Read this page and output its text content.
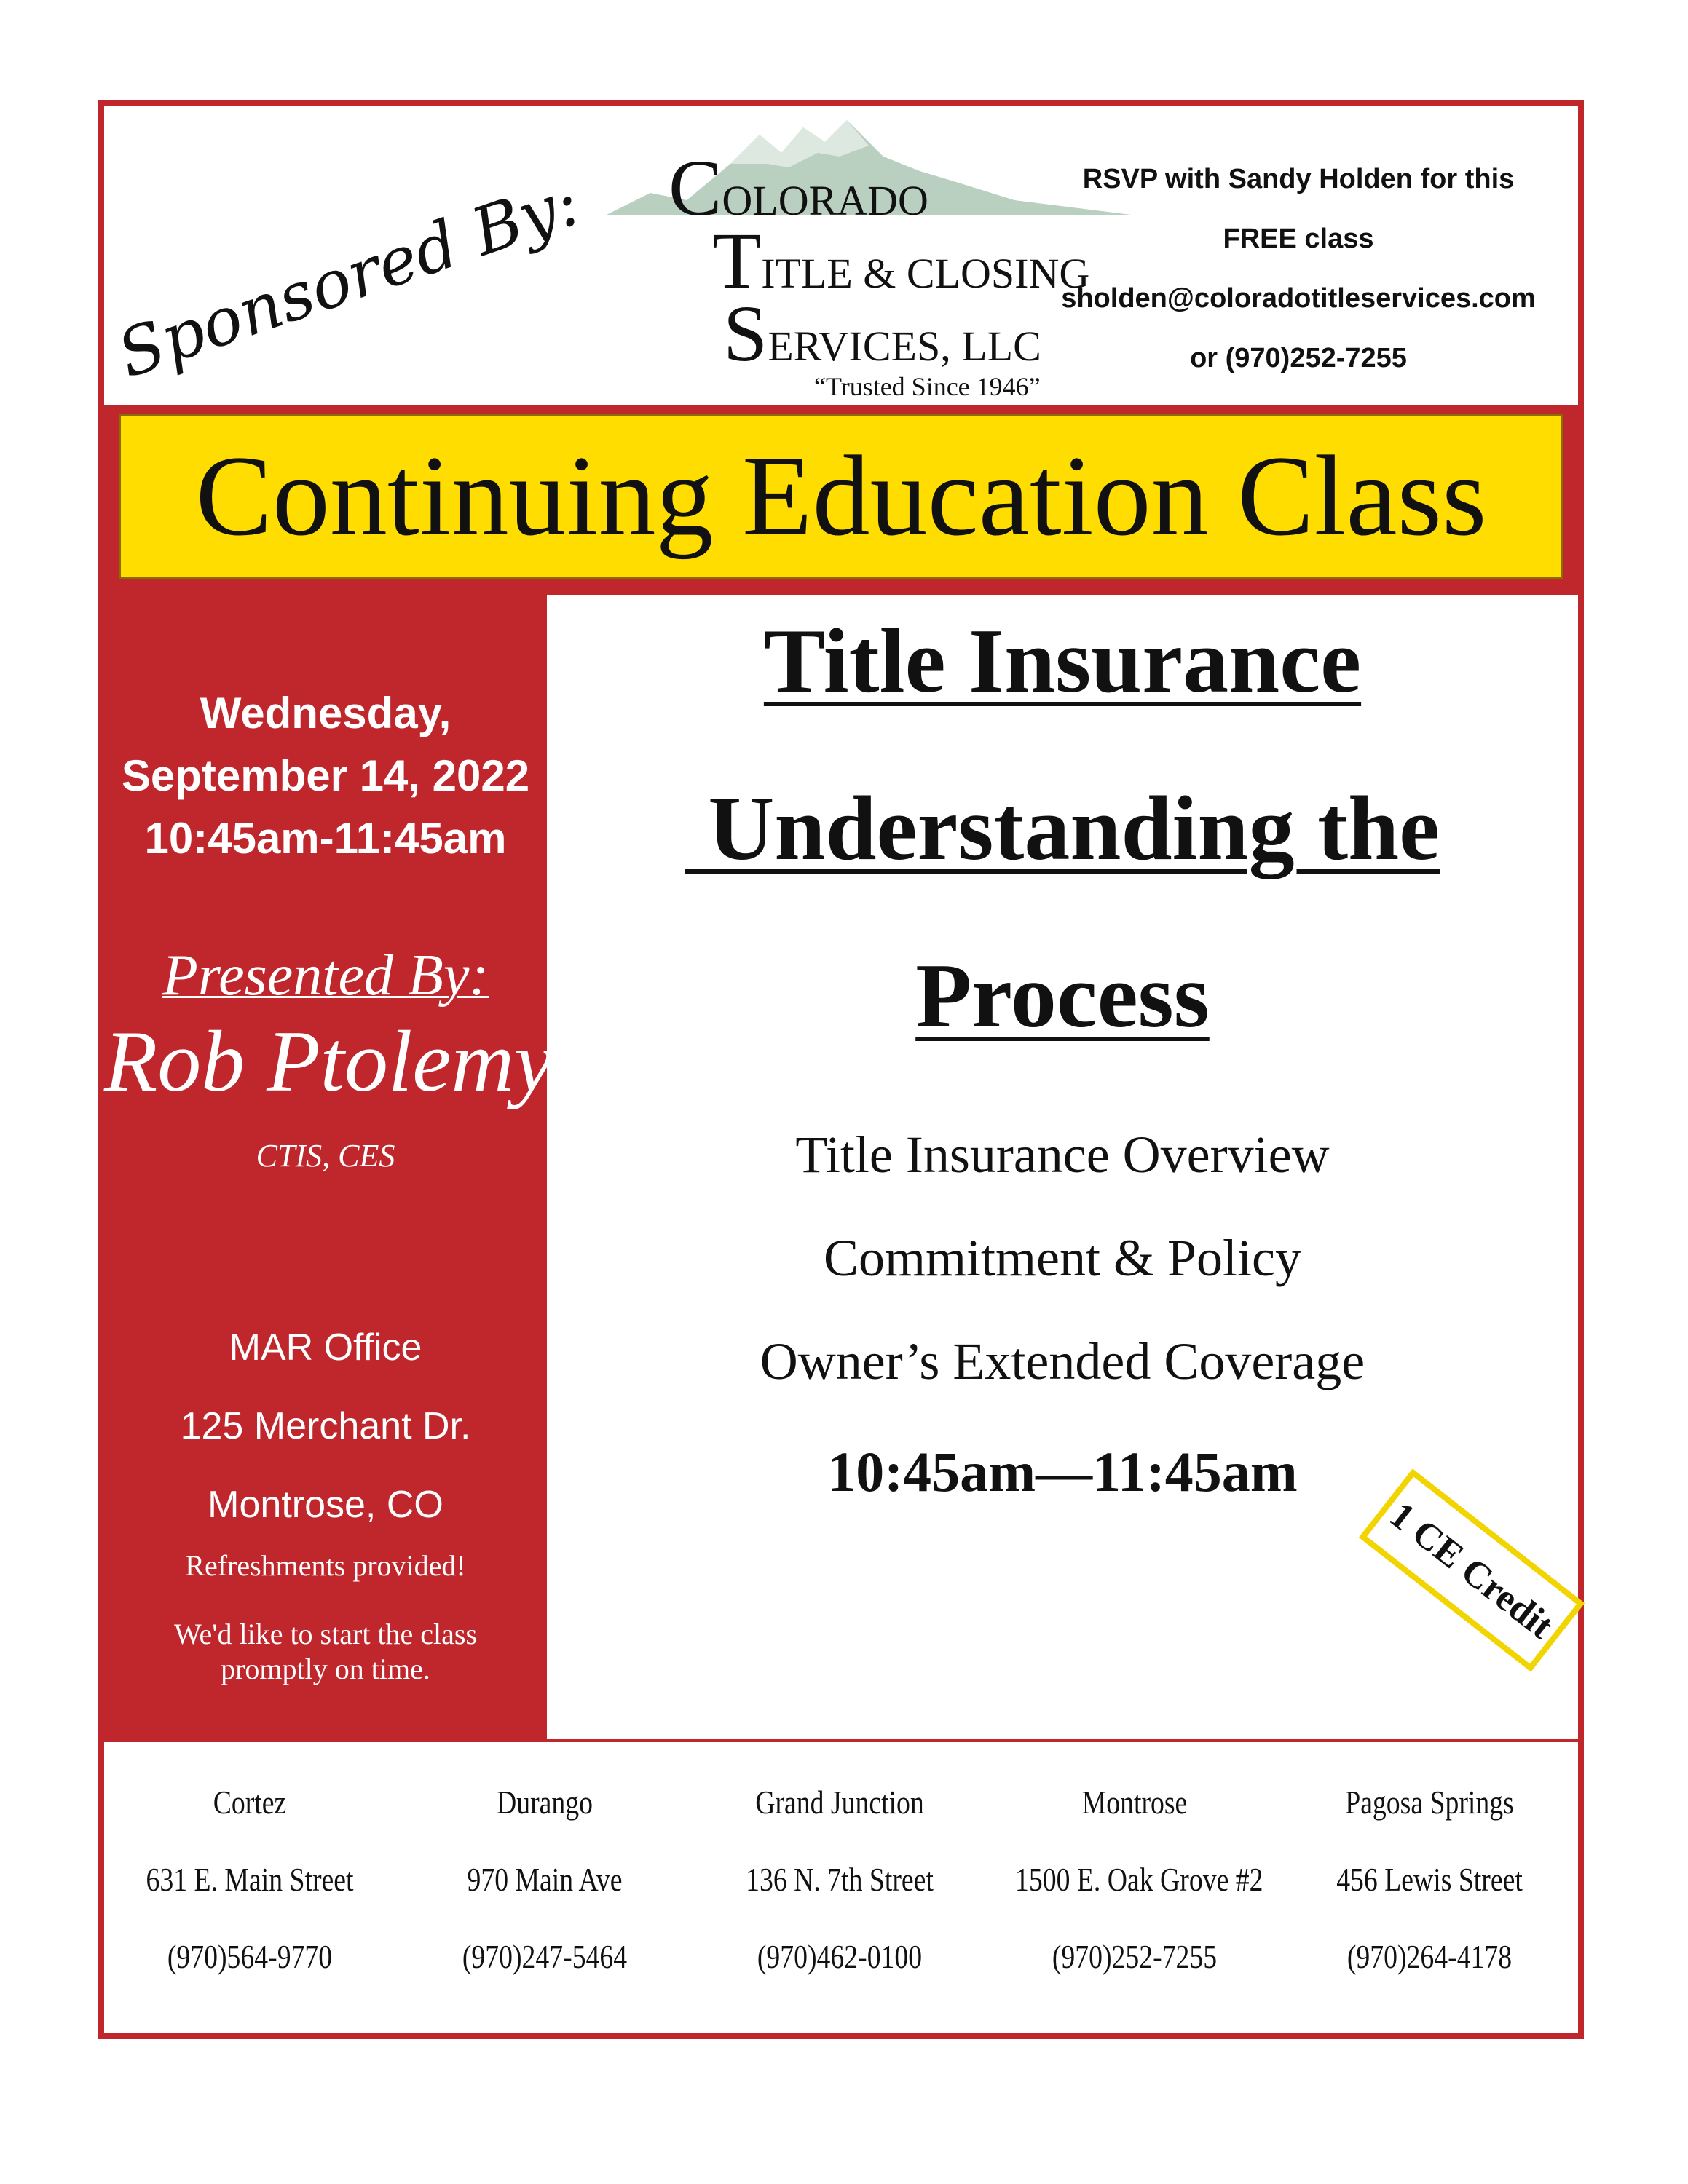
Sponsored By: COLORADO
TITLE & CLOSING
SERVICES, LLC
“Trusted Since 1946”
RSVP with Sandy Holden for this
FREE class
sholden@coloradotitleservices.com
or (970)252-7255
Continuing Education Class
Wednesday,
September 14, 2022
10:45am-11:45am
Presented By:
Rob Ptolemy
CTIS, CES
MAR Office
125 Merchant Dr.
Montrose, CO
Refreshments provided!
We'd like to start the class promptly on time.
Title Insurance
Understanding the
Process
Title Insurance Overview
Commitment & Policy
Owner’s Extended Coverage
10:45am—11:45am
1 CE Credit
Cortez
631 E. Main Street
(970)564-9770
Durango
970 Main Ave
(970)247-5464
Grand Junction
136 N. 7th Street
(970)462-0100
Montrose
1500 E. Oak Grove #2
(970)252-7255
Pagosa Springs
456 Lewis Street
(970)264-4178
